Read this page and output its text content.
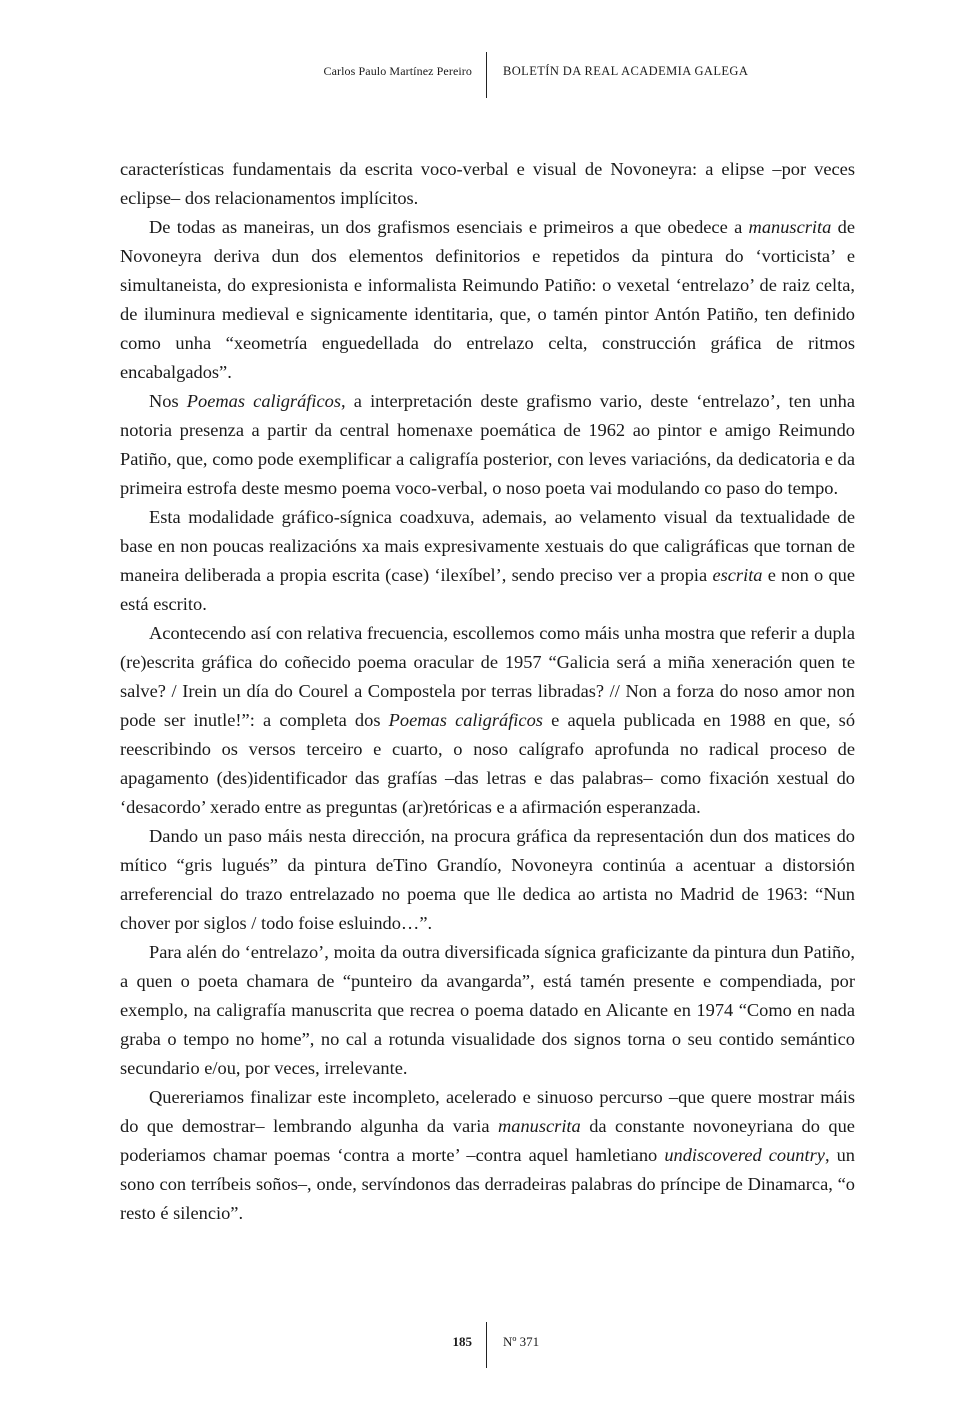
Carlos Paulo Martínez Pereiro BOLETÍN DA REAL ACADEMIA GALEGA

características fundamentais da escrita voco-verbal e visual de Novoneyra: a elipse –por veces eclipse– dos relacionamentos implícitos.

De todas as maneiras, un dos grafismos esenciais e primeiros a que obedece a manuscrita de Novoneyra deriva dun dos elementos definitorios e repetidos da pintura do ‘vorticista’ e simultaneista, do expresionista e informalista Reimundo Patiño: o vexetal ‘entrelazo’ de raiz celta, de iluminura medieval e signicamente identitaria, que, o tamén pintor Antón Patiño, ten definido como unha “xeometría enguedellada do entrelazo celta, construcción gráfica de ritmos encabalgados”.

Nos Poemas caligráficos, a interpretación deste grafismo vario, deste ‘entrelazo’, ten unha notoria presenza a partir da central homenaxe poemática de 1962 ao pintor e amigo Reimundo Patiño, que, como pode exemplificar a caligrafía posterior, con leves variacións, da dedicatoria e da primeira estrofa deste mesmo poema voco-verbal, o noso poeta vai modulando co paso do tempo.

Esta modalidade gráfico-sígnica coadxuva, ademais, ao velamento visual da textualidade de base en non poucas realizacións xa mais expresivamente xestuais do que caligráficas que tornan de maneira deliberada a propia escrita (case) ‘ilexíbel’, sendo preciso ver a propia escrita e non o que está escrito.

Acontecendo así con relativa frecuencia, escollemos como máis unha mostra que referir a dupla (re)escrita gráfica do coñecido poema oracular de 1957 “Galicia será a miña xeneración quen te salve? / Irein un día do Courel a Compostela por terras libradas? // Non a forza do noso amor non pode ser inutle!”: a completa dos Poemas caligráficos e aquela publicada en 1988 en que, só reescribindo os versos terceiro e cuarto, o noso calígrafo aprofunda no radical proceso de apagamento (des)identificador das grafías –das letras e das palabras– como fixación xestual do ‘desacordo’ xerado entre as preguntas (ar)retóricas e a afirmación esperanzada.

Dando un paso máis nesta dirección, na procura gráfica da representación dun dos matices do mítico “gris lugués” da pintura deTino Grandío, Novoneyra continúa a acentuar a distorsión arreferencial do trazo entrelazado no poema que lle dedica ao artista no Madrid de 1963: “Nun chover por siglos / todo foise esluindo…”.

Para alén do ‘entrelazo’, moita da outra diversificada sígnica graficizante da pintura dun Patiño, a quen o poeta chamara de “punteiro da avangarda”, está tamén presente e compendiada, por exemplo, na caligrafía manuscrita que recrea o poema datado en Alicante en 1974 “Como en nada graba o tempo no home”, no cal a rotunda visualidade dos signos torna o seu contido semántico secundario e/ou, por veces, irrelevante.

Quereriamos finalizar este incompleto, acelerado e sinuoso percurso –que quere mostrar máis do que demostrar– lembrando algunha da varia manuscrita da constante novoneyriana do que poderiamos chamar poemas ‘contra a morte’ –contra aquel hamletiano undiscovered country, un sono con terríbeis soños–, onde, servíndonos das derradeiras palabras do príncipe de Dinamarca, “o resto é silencio”.

185 Nº 371
